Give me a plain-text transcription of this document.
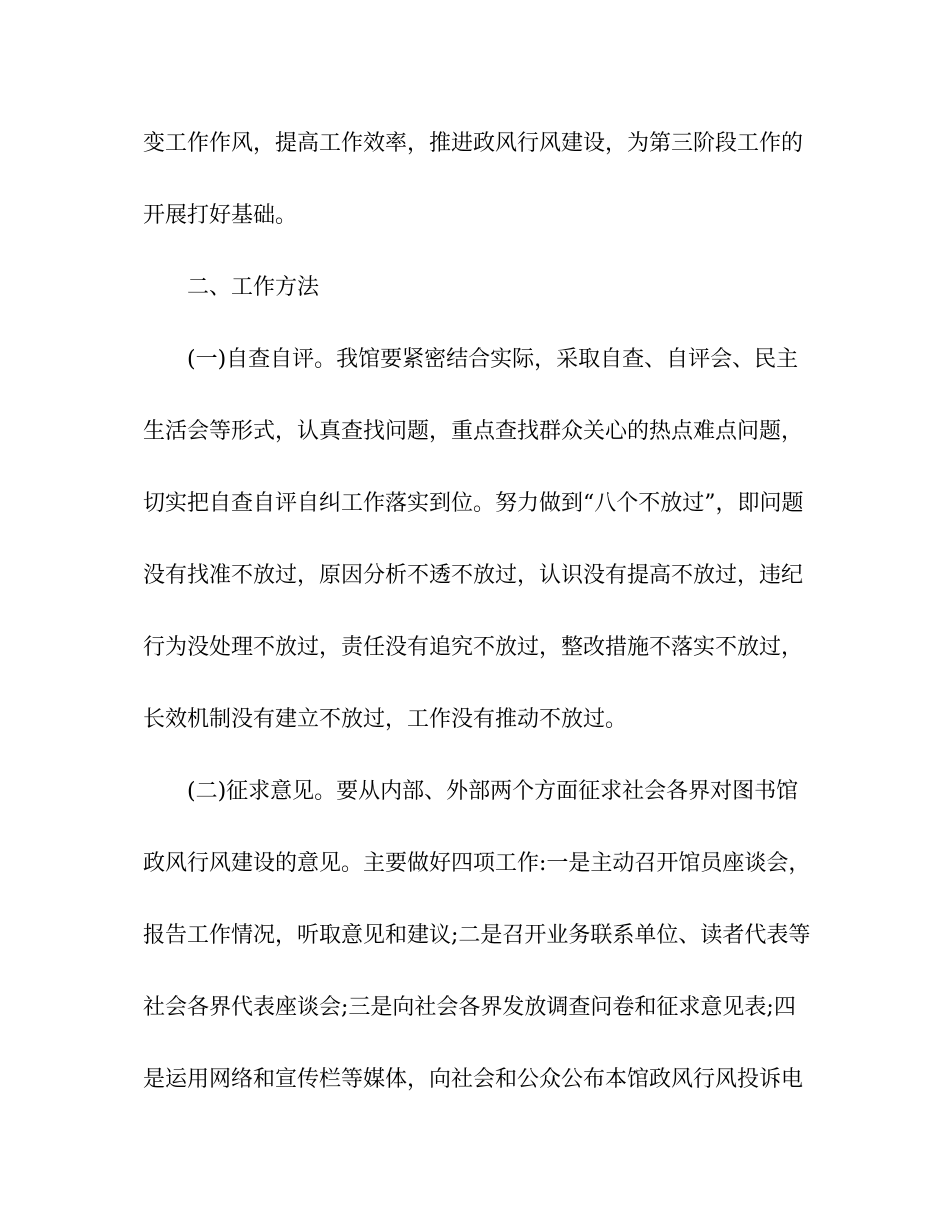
变工作作风，提高工作效率，推进政风行风建设，为第三阶段工作的
开展打好基础。
二、工作方法
(一)自查自评。我馆要紧密结合实际，采取自查、自评会、民主
生活会等形式，认真查找问题，重点查找群众关心的热点难点问题，
切实把自查自评自纠工作落实到位。努力做到“八个不放过”，即问题
没有找准不放过，原因分析不透不放过，认识没有提高不放过，违纪
行为没处理不放过，责任没有追究不放过，整改措施不落实不放过，
长效机制没有建立不放过，工作没有推动不放过。
(二)征求意见。要从内部、外部两个方面征求社会各界对图书馆
政风行风建设的意见。主要做好四项工作:一是主动召开馆员座谈会，
报告工作情况，听取意见和建议;二是召开业务联系单位、读者代表等
社会各界代表座谈会;三是向社会各界发放调查问卷和征求意见表;四
是运用网络和宣传栏等媒体，向社会和公众公布本馆政风行风投诉电
